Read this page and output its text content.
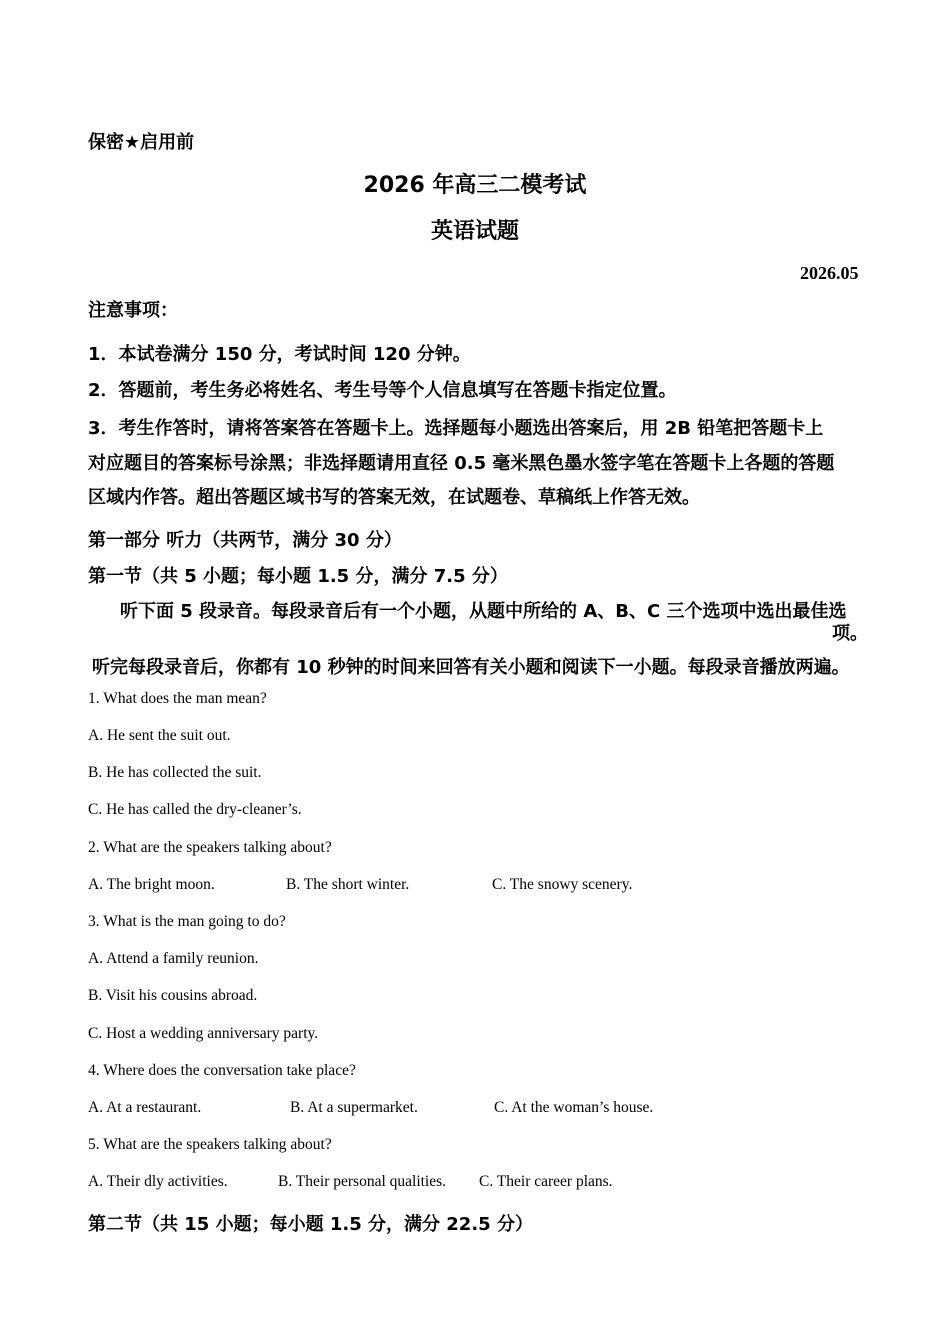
保密★启用前
2026 年高三二模考试
英语试题
2026.05
注意事项：
1．本试卷满分 150 分，考试时间 120 分钟。
2．答题前，考生务必将姓名、考生号等个人信息填写在答题卡指定位置。
3．考生作答时，请将答案答在答题卡上。选择题每小题选出答案后，用 2B 铅笔把答题卡上
对应题目的答案标号涂黑；非选择题请用直径 0.5 毫米黑色墨水签字笔在答题卡上各题的答题
区域内作答。超出答题区域书写的答案无效，在试题卷、草稿纸上作答无效。
第一部分 听力（共两节，满分 30 分）
第一节（共 5 小题；每小题 1.5 分，满分 7.5 分）
听下面 5 段录音。每段录音后有一个小题，从题中所给的 A、B、C 三个选项中选出最佳选
项。
听完每段录音后，你都有 10 秒钟的时间来回答有关小题和阅读下一小题。每段录音播放两遍。
1. What does the man mean?
A. He sent the suit out.
B. He has collected the suit.
C. He has called the dry-cleaner’s.
2. What are the speakers talking about?
A. The bright moon.	B. The short winter.	C. The snowy scenery.
3. What is the man going to do?
A. Attend a family reunion.
B. Visit his cousins abroad.
C. Host a wedding anniversary party.
4. Where does the conversation take place?
A. At a restaurant.	B. At a supermarket.	C. At the woman’s house.
5. What are the speakers talking about?
A. Their dly activities.	B. Their personal qualities. C. Their career plans.
第二节（共 15 小题；每小题 1.5 分，满分 22.5 分）
